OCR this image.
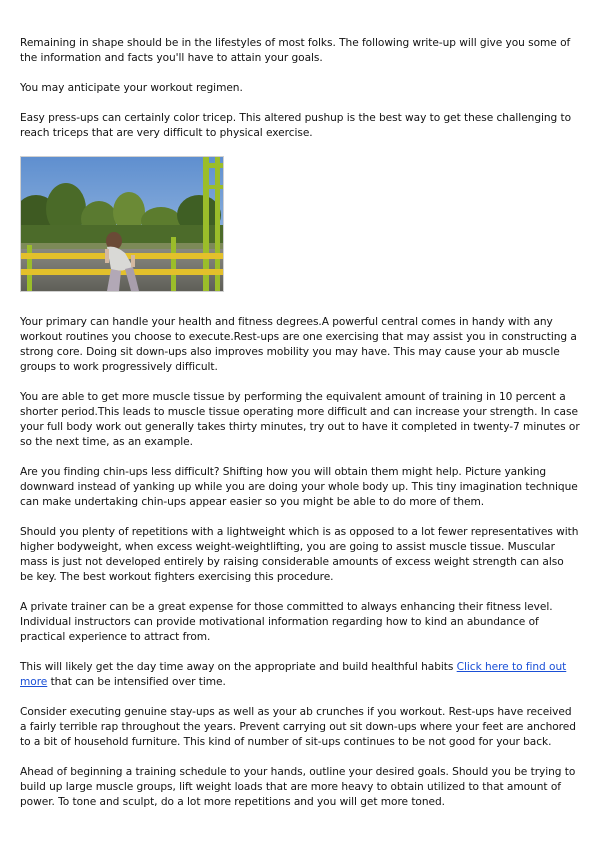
Remaining in shape should be in the lifestyles of most folks. The following write-up will give you some of the information and facts you'll have to attain your goals.

You may anticipate your workout regimen.

Easy press-ups can certainly color tricep. This altered pushup is the best way to get these challenging to reach triceps that are very difficult to physical exercise.

Your primary can handle your health and fitness degrees.A powerful central comes in handy with any workout routines you choose to execute.Rest-ups are one exercising that may assist you in constructing a strong core. Doing sit down-ups also improves mobility you may have. This may cause your ab muscle groups to work progressively difficult.

You are able to get more muscle tissue by performing the equivalent amount of training in 10 percent a shorter period.This leads to muscle tissue operating more difficult and can increase your strength. In case your full body work out generally takes thirty minutes, try out to have it completed in twenty-7 minutes or so the next time, as an example.

Are you finding chin-ups less difficult? Shifting how you will obtain them might help. Picture yanking downward instead of yanking up while you are doing your whole body up. This tiny imagination technique can make undertaking chin-ups appear easier so you might be able to do more of them.

Should you plenty of repetitions with a lightweight which is as opposed to a lot fewer representatives with higher bodyweight, when excess weight-weightlifting, you are going to assist muscle tissue. Muscular mass is just not developed entirely by raising considerable amounts of excess weight strength can also be key. The best workout fighters exercising this procedure.

A private trainer can be a great expense for those committed to always enhancing their fitness level. Individual instructors can provide motivational information regarding how to kind an abundance of practical experience to attract from.

This will likely get the day time away on the appropriate and build healthful habits Click here to find out more that can be intensified over time.

Consider executing genuine stay-ups as well as your ab crunches if you workout. Rest-ups have received a fairly terrible rap throughout the years. Prevent carrying out sit down-ups where your feet are anchored to a bit of household furniture. This kind of number of sit-ups continues to be not good for your back.

Ahead of beginning a training schedule to your hands, outline your desired goals. Should you be trying to build up large muscle groups, lift weight loads that are more heavy to obtain utilized to that amount of power. To tone and sculpt, do a lot more repetitions and you will get more toned.
